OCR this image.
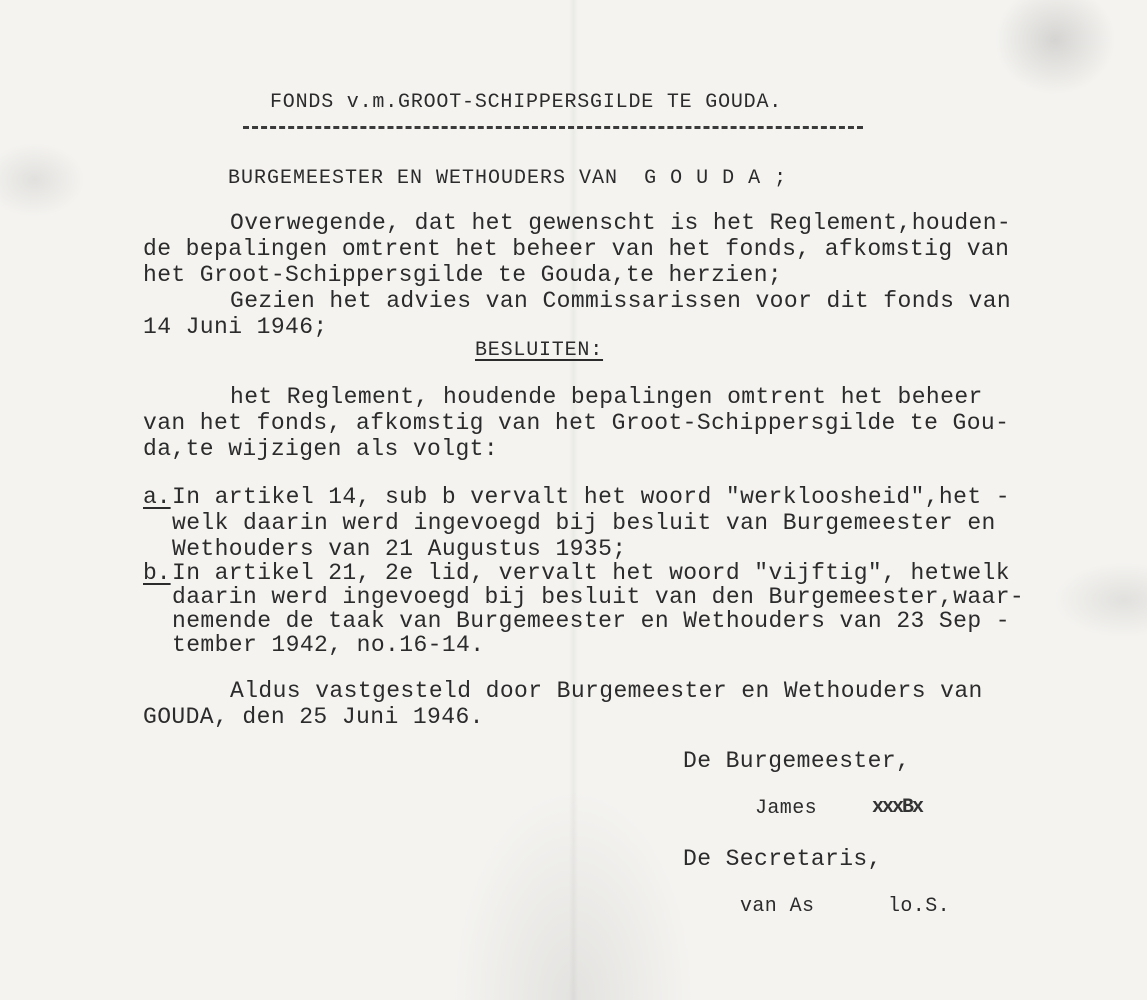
FONDS v.m.GROOT-SCHIPPERSGILDE TE GOUDA.
BURGEMEESTER EN WETHOUDERS VAN  G O U D A ;
Overwegende, dat het gewenscht is het Reglement,houden-
de bepalingen omtrent het beheer van het fonds, afkomstig van
het Groot-Schippersgilde te Gouda,te herzien;
Gezien het advies van Commissarissen voor dit fonds van
14 Juni 1946;
BESLUITEN:
het Reglement, houdende bepalingen omtrent het beheer
van het fonds, afkomstig van het Groot-Schippersgilde te Gou-
da,te wijzigen als volgt:
a. In artikel 14, sub b vervalt het woord "werkloosheid",het -
welk daarin werd ingevoegd bij besluit van Burgemeester en
Wethouders van 21 Augustus 1935;
b. In artikel 21, 2e lid, vervalt het woord "vijftig", hetwelk
daarin werd ingevoegd bij besluit van den Burgemeester,waar-
nemende de taak van Burgemeester en Wethouders van 23 Sep -
tember 1942, no.16-14.
Aldus vastgesteld door Burgemeester en Wethouders van
GOUDA, den 25 Juni 1946.
De Burgemeester,
James	xxxBx
De Secretaris,
van As	lo.S.
